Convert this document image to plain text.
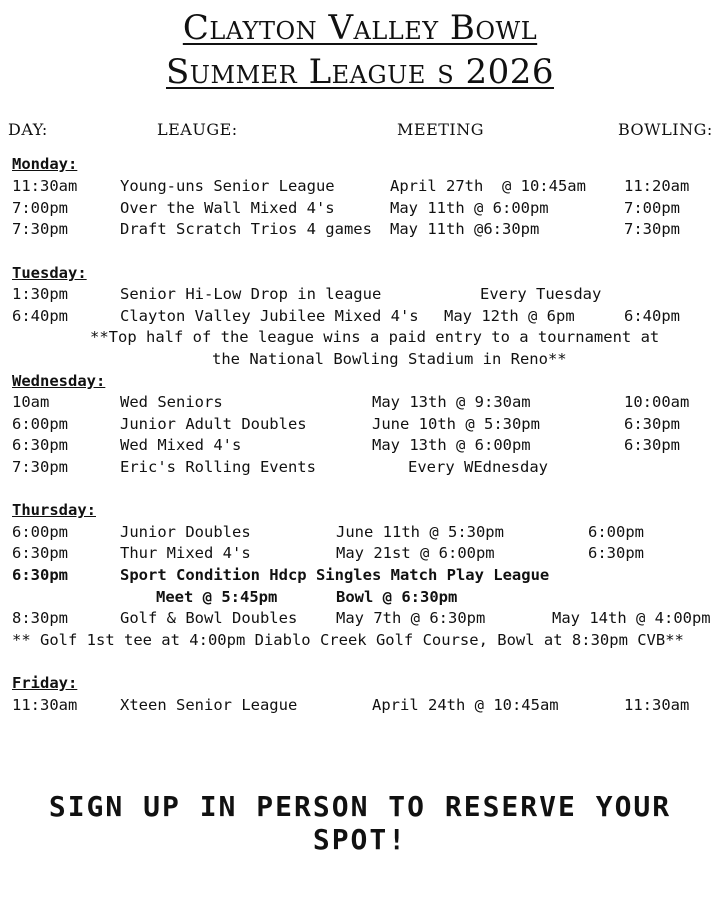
Clayton Valley Bowl
Summer League s 2026
DAY:	LEAUGE:	MEETING	BOWLING:
Monday:
11:30am	Young-uns Senior League	April 27th  @ 10:45am 11:20am
7:00pm	Over the Wall Mixed 4's	May 11th @ 6:00pm	7:00pm
7:30pm	Draft Scratch Trios 4 games May 11th @6:30pm	7:30pm
Tuesday:
1:30pm	Senior Hi-Low Drop in league	Every Tuesday
6:40pm	Clayton Valley Jubilee Mixed 4's May 12th @ 6pm	6:40pm
**Top half of the league wins a paid entry to a tournament at
the National Bowling Stadium in Reno**
Wednesday:
10am	Wed Seniors	May 13th @ 9:30am	10:00am
6:00pm	Junior Adult Doubles	June 10th @ 5:30pm	6:30pm
6:30pm	Wed Mixed 4's	May 13th @ 6:00pm	6:30pm
7:30pm	Eric's Rolling Events	Every WEdnesday
Thursday:
6:00pm	Junior Doubles	June 11th @ 5:30pm	6:00pm
6:30pm	Thur Mixed 4's	May 21st @ 6:00pm	6:30pm
6:30pm	Sport Condition Hdcp Singles Match Play League
Meet @ 5:45pm	Bowl @ 6:30pm
8:30pm	Golf & Bowl Doubles May 7th @ 6:30pm	May 14th @ 4:00pm
** Golf 1st tee at 4:00pm Diablo Creek Golf Course, Bowl at 8:30pm CVB**
Friday:
11:30am	Xteen Senior League	April 24th @ 10:45am	11:30am
SIGN UP IN PERSON TO RESERVE YOUR SPOT!
